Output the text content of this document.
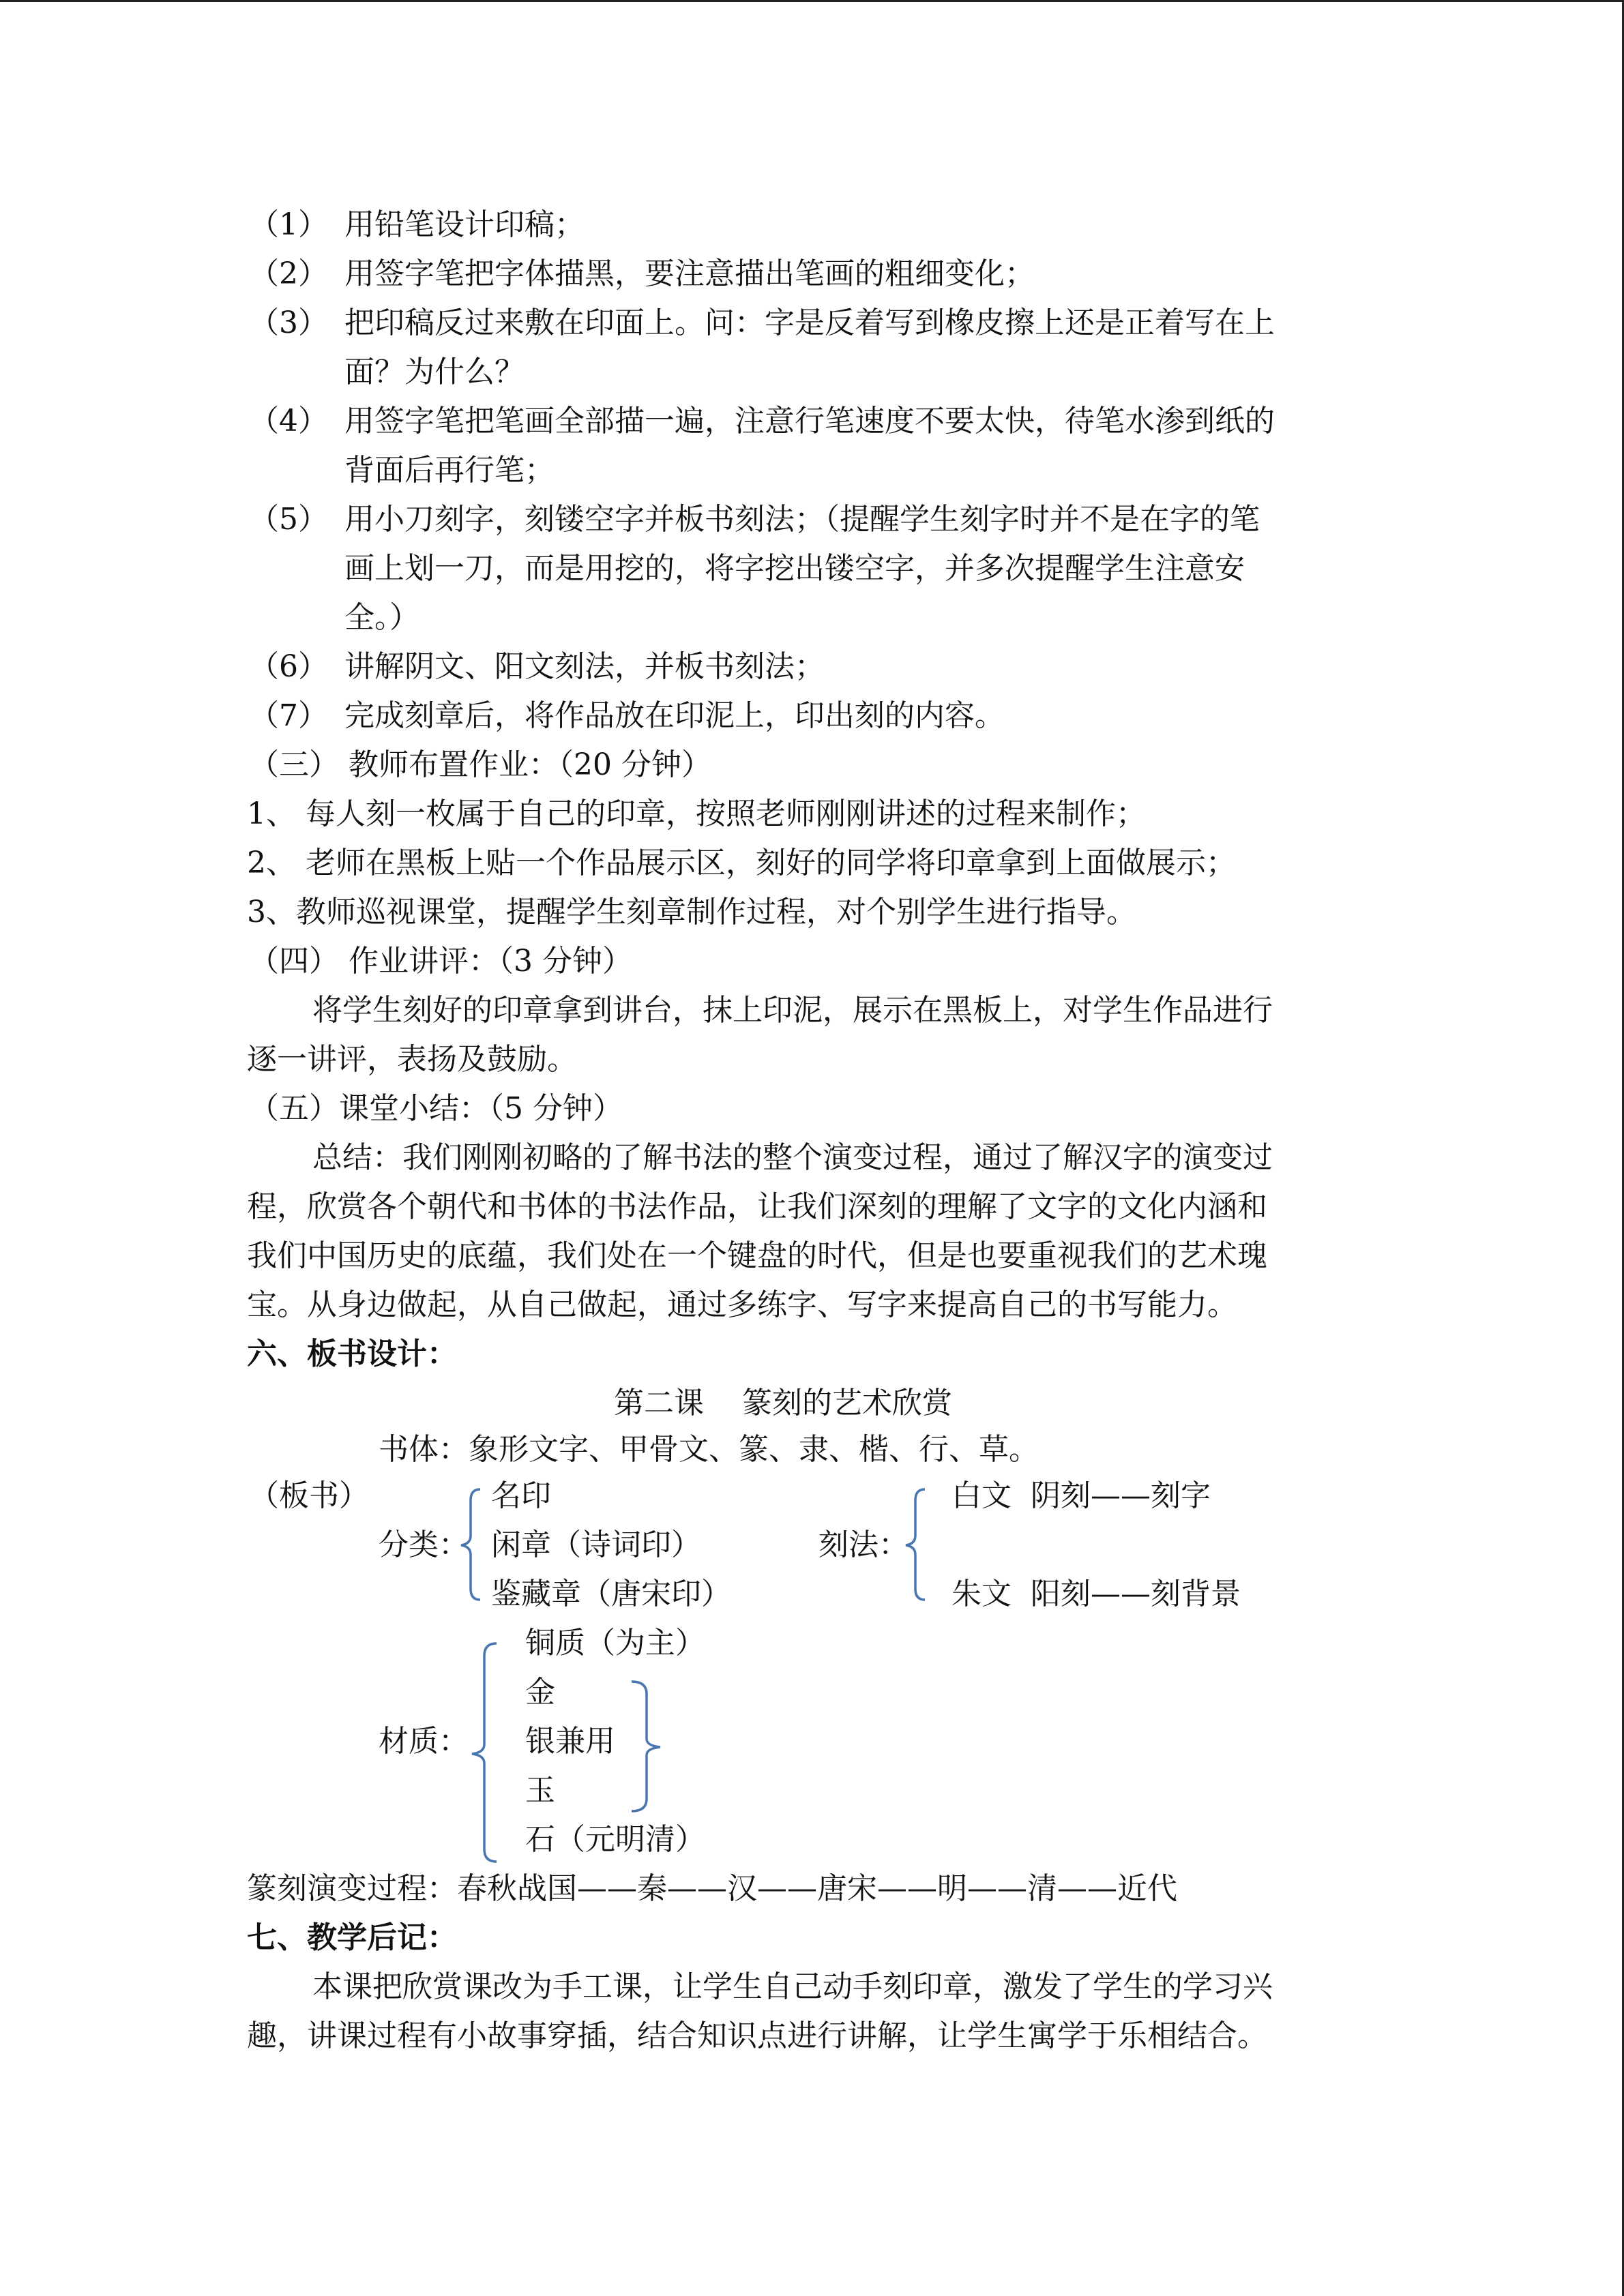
（1） 用铅笔设计印稿；
（2） 用签字笔把字体描黑，要注意描出笔画的粗细变化；
（3） 把印稿反过来敷在印面上。问：字是反着写到橡皮擦上还是正着写在上
面？为什么？
（4） 用签字笔把笔画全部描一遍，注意行笔速度不要太快，待笔水渗到纸的
背面后再行笔；
（5） 用小刀刻字，刻镂空字并板书刻法；（提醒学生刻字时并不是在字的笔
画上划一刀，而是用挖的，将字挖出镂空字，并多次提醒学生注意安
全。）
（6） 讲解阴文、阳文刻法，并板书刻法；
（7） 完成刻章后，将作品放在印泥上，印出刻的内容。
（三） 教师布置作业：（20 分钟）
1、 每人刻一枚属于自己的印章，按照老师刚刚讲述的过程来制作；
2、 老师在黑板上贴一个作品展示区，刻好的同学将印章拿到上面做展示；
3、教师巡视课堂，提醒学生刻章制作过程，对个别学生进行指导。
（四） 作业讲评：（3 分钟）
将学生刻好的印章拿到讲台，抹上印泥，展示在黑板上，对学生作品进行
逐一讲评，表扬及鼓励。
（五）课堂小结：（5 分钟）
总结：我们刚刚初略的了解书法的整个演变过程，通过了解汉字的演变过
程，欣赏各个朝代和书体的书法作品，让我们深刻的理解了文字的文化内涵和
我们中国历史的底蕴，我们处在一个键盘的时代，但是也要重视我们的艺术瑰
宝。从身边做起，从自己做起，通过多练字、写字来提高自己的书写能力。
六、板书设计：
第二课    篆刻的艺术欣赏
书体：象形文字、甲骨文、篆、隶、楷、行、草。
（板书）
分类：
名印
闲章（诗词印）
鉴藏章（唐宋印）
刻法：
白文  阴刻——刻字
朱文  阳刻——刻背景
材质：
铜质（为主）
金
银兼用
玉
石（元明清）
篆刻演变过程：春秋战国——秦——汉——唐宋——明——清——近代
七、教学后记：
本课把欣赏课改为手工课，让学生自己动手刻印章，激发了学生的学习兴
趣，讲课过程有小故事穿插，结合知识点进行讲解，让学生寓学于乐相结合。
